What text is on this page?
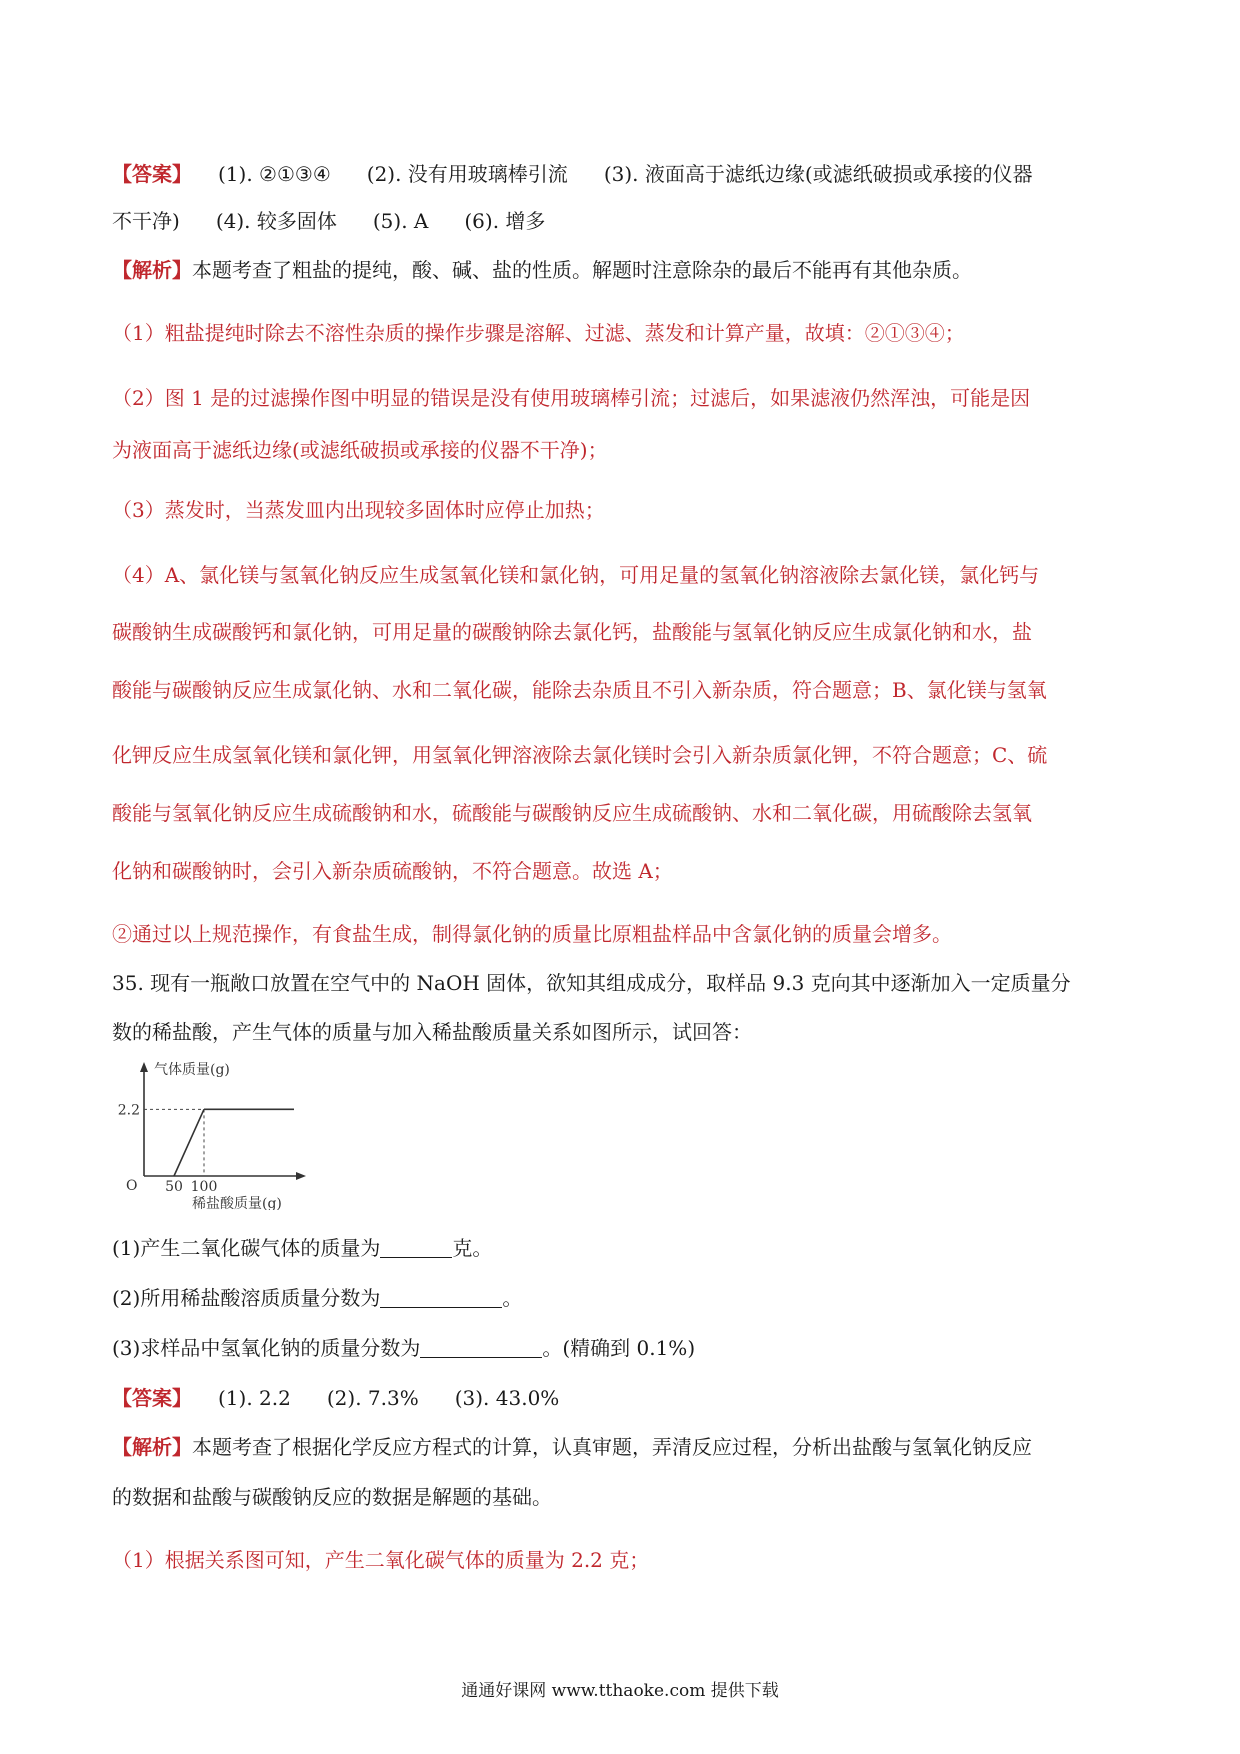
【答案】 (1). ②①③④ (2). 没有用玻璃棒引流 (3). 液面高于滤纸边缘(或滤纸破损或承接的仪器
不干净) (4). 较多固体 (5). A (6). 增多
【解析】本题考查了粗盐的提纯，酸、碱、盐的性质。解题时注意除杂的最后不能再有其他杂质。
（1）粗盐提纯时除去不溶性杂质的操作步骤是溶解、过滤、蒸发和计算产量，故填：②①③④；
（2）图 1 是的过滤操作图中明显的错误是没有使用玻璃棒引流；过滤后，如果滤液仍然浑浊，可能是因
为液面高于滤纸边缘(或滤纸破损或承接的仪器不干净)；
（3）蒸发时，当蒸发皿内出现较多固体时应停止加热；
（4）A、氯化镁与氢氧化钠反应生成氢氧化镁和氯化钠，可用足量的氢氧化钠溶液除去氯化镁，氯化钙与
碳酸钠生成碳酸钙和氯化钠，可用足量的碳酸钠除去氯化钙，盐酸能与氢氧化钠反应生成氯化钠和水，盐
酸能与碳酸钠反应生成氯化钠、水和二氧化碳，能除去杂质且不引入新杂质，符合题意；B、氯化镁与氢氧
化钾反应生成氢氧化镁和氯化钾，用氢氧化钾溶液除去氯化镁时会引入新杂质氯化钾，不符合题意；C、硫
酸能与氢氧化钠反应生成硫酸钠和水，硫酸能与碳酸钠反应生成硫酸钠、水和二氧化碳，用硫酸除去氢氧
化钠和碳酸钠时，会引入新杂质硫酸钠，不符合题意。故选 A；
②通过以上规范操作，有食盐生成，制得氯化钠的质量比原粗盐样品中含氯化钠的质量会增多。
35. 现有一瓶敞口放置在空气中的 NaOH 固体，欲知其组成成分，取样品 9.3 克向其中逐渐加入一定质量分
数的稀盐酸，产生气体的质量与加入稀盐酸质量关系如图所示，试回答：
气体质量(g)
稀盐酸质量(g)
O 50 100
2.2
(1)产生二氧化碳气体的质量为	克。
(2)所用稀盐酸溶质质量分数为	。
(3)求样品中氢氧化钠的质量分数为	。(精确到 0.1%)
【答案】 (1). 2.2 (2). 7.3% (3). 43.0%
【解析】本题考查了根据化学反应方程式的计算，认真审题，弄清反应过程，分析出盐酸与氢氧化钠反应
的数据和盐酸与碳酸钠反应的数据是解题的基础。
（1）根据关系图可知，产生二氧化碳气体的质量为 2.2 克；
通通好课网 www.tthaoke.com 提供下载
